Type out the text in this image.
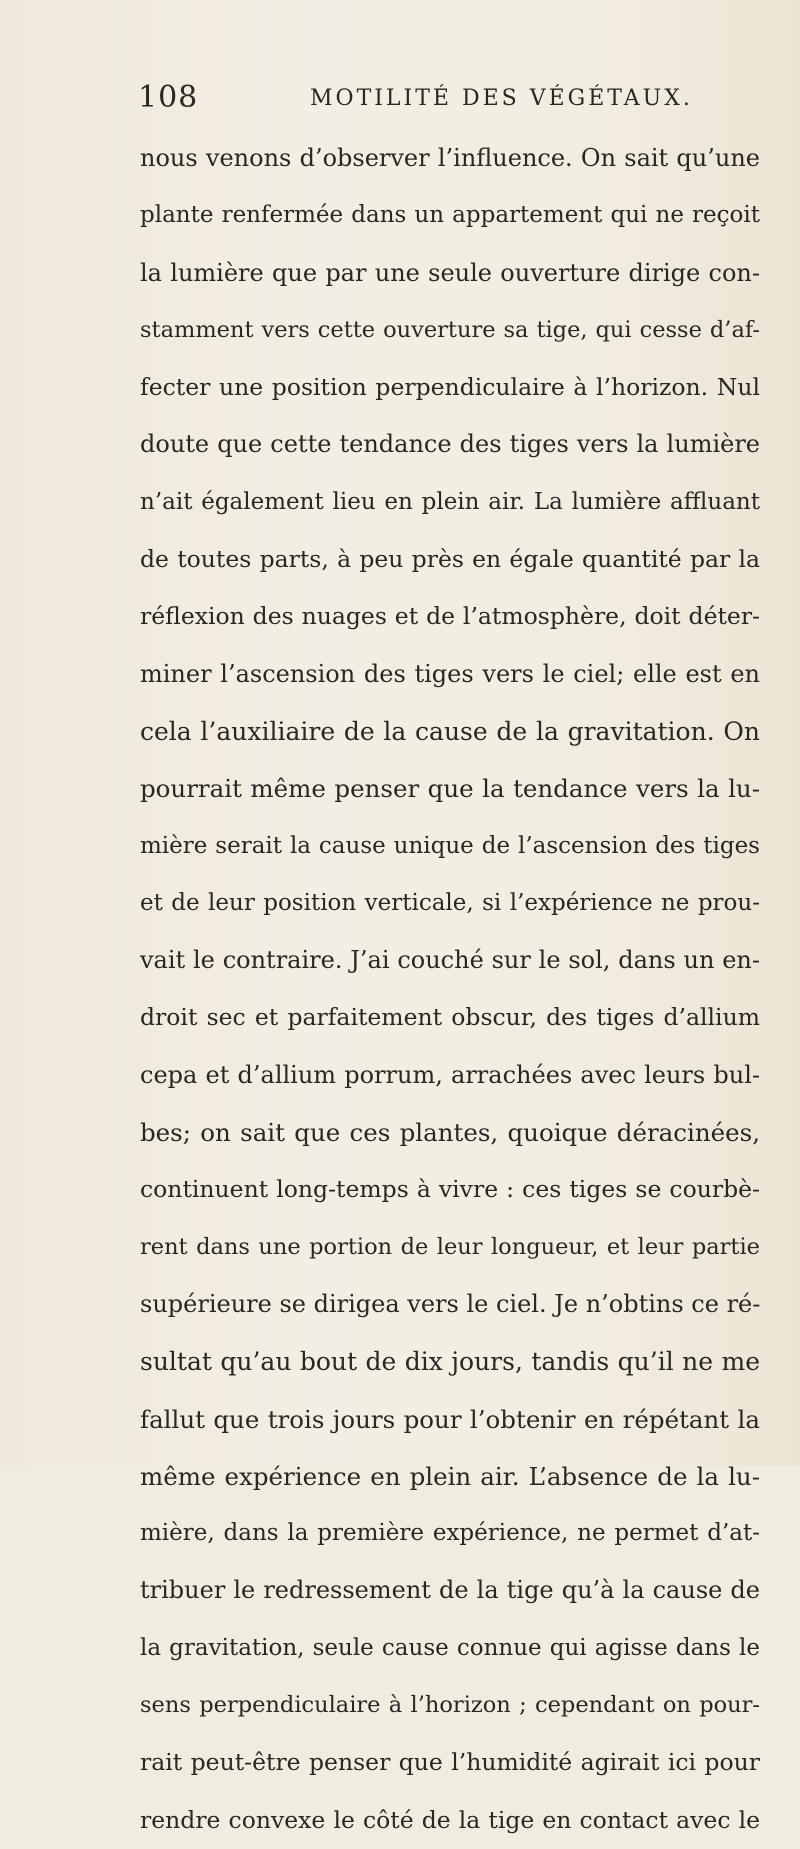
108	MOTILITÉ DES VÉGÉTAUX.
nous venons d’observer l’influence. On sait qu’une
plante renfermée dans un appartement qui ne reçoit
la lumière que par une seule ouverture dirige con-
stamment vers cette ouverture sa tige, qui cesse d’af-
fecter une position perpendiculaire à l’horizon. Nul
doute que cette tendance des tiges vers la lumière
n’ait également lieu en plein air. La lumière affluant
de toutes parts, à peu près en égale quantité par la
réflexion des nuages et de l’atmosphère, doit déter-
miner l’ascension des tiges vers le ciel; elle est en
cela l’auxiliaire de la cause de la gravitation. On
pourrait même penser que la tendance vers la lu-
mière serait la cause unique de l’ascension des tiges
et de leur position verticale, si l’expérience ne prou-
vait le contraire. J’ai couché sur le sol, dans un en-
droit sec et parfaitement obscur, des tiges d’allium
cepa et d’allium porrum, arrachées avec leurs bul-
bes; on sait que ces plantes, quoique déracinées,
continuent long-temps à vivre : ces tiges se courbè-
rent dans une portion de leur longueur, et leur partie
supérieure se dirigea vers le ciel. Je n’obtins ce ré-
sultat qu’au bout de dix jours, tandis qu’il ne me
fallut que trois jours pour l’obtenir en répétant la
même expérience en plein air. L’absence de la lu-
mière, dans la première expérience, ne permet d’at-
tribuer le redressement de la tige qu’à la cause de
la gravitation, seule cause connue qui agisse dans le
sens perpendiculaire à l’horizon ; cependant on pour-
rait peut-être penser que l’humidité agirait ici pour
rendre convexe le côté de la tige en contact avec le
